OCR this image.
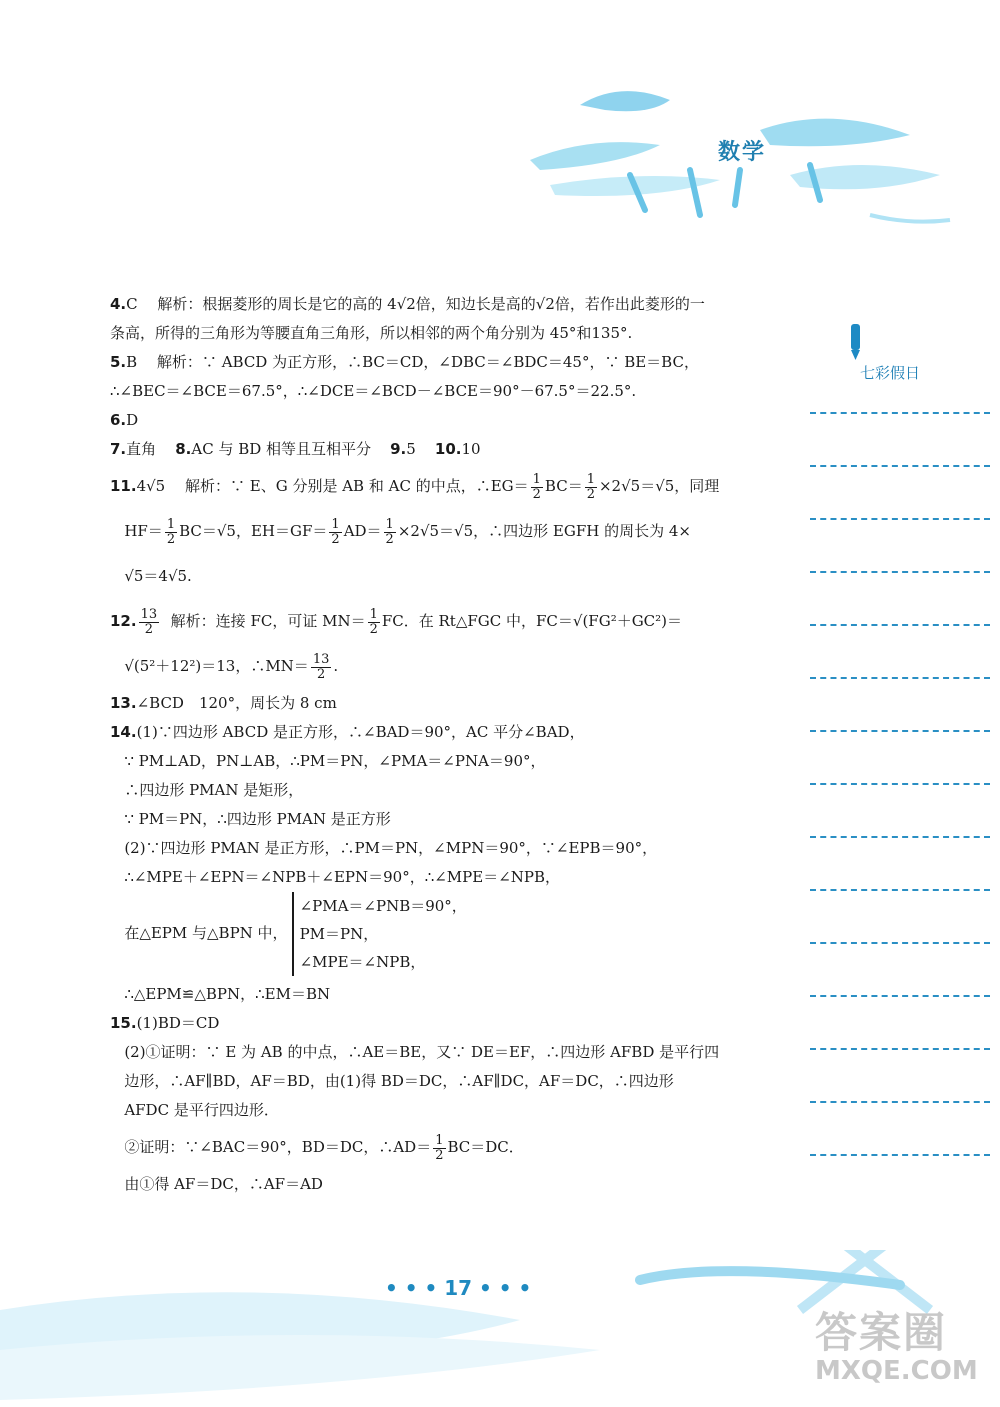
数学
七彩假日
4.C　 解析：根据菱形的周长是它的高的 4√2倍，知边长是高的√2倍，若作出此菱形的一
条高，所得的三角形为等腰直角三角形，所以相邻的两个角分别为 45°和135°.
5.B　 解析：∵ ABCD 为正方形，∴BC＝CD，∠DBC＝∠BDC＝45°，∵ BE＝BC，
∴∠BEC＝∠BCE＝67.5°，∴∠DCE＝∠BCD－∠BCE＝90°－67.5°＝22.5°.
6.D
7.直角 8.AC 与 BD 相等且互相平分 9.5 10.10
11.4√5　 解析：∵ E、G 分别是 AB 和 AC 的中点，∴EG＝ $\frac{1}{2} BC= \frac{1}{2} \times 2√5=√5$，同理
$HF= \frac{1}{2} BC=√5$，$EH=GF= \frac{1}{2} AD= \frac{1}{2} \times 2√5=√5$，∴四边形 EGFH 的周长为 4×
√5＝4√5.
12. $\frac{13}{2}$ 解析：连接 FC，可证 $MN= \frac{1}{2}$ FC．在 Rt△FGC 中，FC＝√(FG²＋GC²)＝
√(5²＋12²)＝13，∴MN＝ $\frac{13}{2}$ .
13.∠BCD　120°，周长为 8 cm
14.(1)∵四边形 ABCD 是正方形，∴∠BAD＝90°，AC 平分∠BAD，
∵ PM⊥AD，PN⊥AB，∴PM＝PN，∠PMA＝∠PNA＝90°，
∴四边形 PMAN 是矩形，
∵ PM＝PN，∴四边形 PMAN 是正方形
(2)∵四边形 PMAN 是正方形，∴PM＝PN，∠MPN＝90°，∵∠EPB＝90°，
∴∠MPE＋∠EPN＝∠NPB＋∠EPN＝90°，∴∠MPE＝∠NPB，
在△EPM 与△BPN 中，
∠PMA＝∠PNB＝90°，
PM＝PN，
∠MPE＝∠NPB，
∴△EPM≌△BPN，∴EM＝BN
15.(1)BD＝CD
(2)①证明：∵ E 为 AB 的中点，∴AE＝BE，又∵ DE＝EF，∴四边形 AFBD 是平行四
边形，∴AF∥BD，AF＝BD，由(1)得 BD＝DC，∴AF∥DC，AF＝DC，∴四边形
AFDC 是平行四边形．
②证明：∵∠BAC＝90°，BD＝DC，∴AD＝ $\frac{1}{2} BC=DC$．
由①得 AF＝DC，∴AF＝AD
• • • 17 • • •
答案圈
MXQE.COM
